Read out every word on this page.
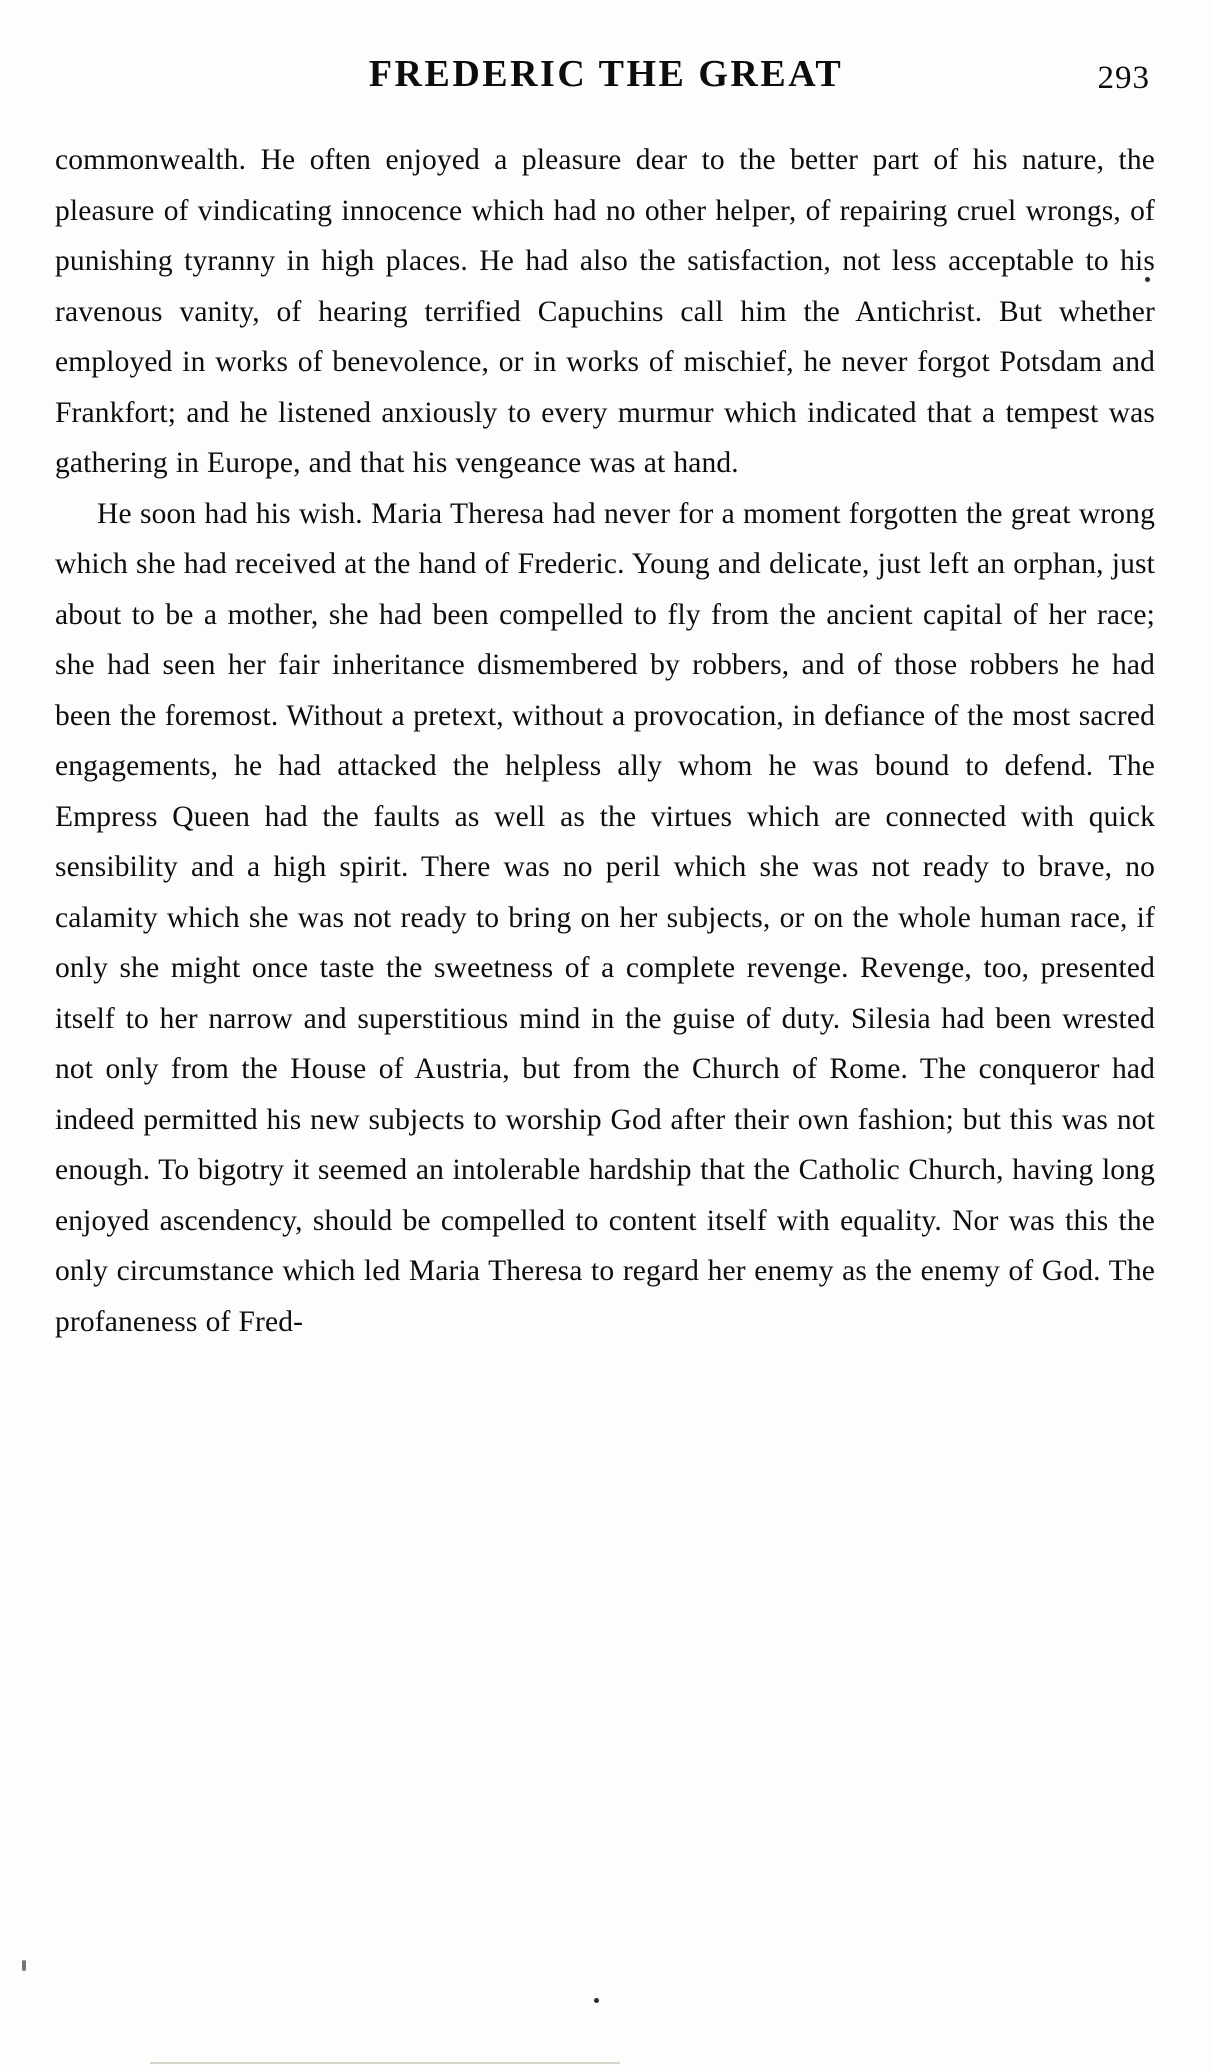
FREDERIC THE GREAT	293

commonwealth. He often enjoyed a pleasure dear to the better part of his nature, the pleasure of vindicating innocence which had no other helper, of repairing cruel wrongs, of punishing tyranny in high places. He had also the satisfaction, not less acceptable to his ravenous vanity, of hearing terrified Capuchins call him the Antichrist. But whether employed in works of benevolence, or in works of mischief, he never forgot Potsdam and Frankfort; and he listened anxiously to every murmur which indicated that a tempest was gathering in Europe, and that his vengeance was at hand.

He soon had his wish. Maria Theresa had never for a moment forgotten the great wrong which she had received at the hand of Frederic. Young and delicate, just left an orphan, just about to be a mother, she had been compelled to fly from the ancient capital of her race; she had seen her fair inheritance dismembered by robbers, and of those robbers he had been the foremost. Without a pretext, without a provocation, in defiance of the most sacred engagements, he had attacked the helpless ally whom he was bound to defend. The Empress Queen had the faults as well as the virtues which are connected with quick sensibility and a high spirit. There was no peril which she was not ready to brave, no calamity which she was not ready to bring on her subjects, or on the whole human race, if only she might once taste the sweetness of a complete revenge. Revenge, too, presented itself to her narrow and superstitious mind in the guise of duty. Silesia had been wrested not only from the House of Austria, but from the Church of Rome. The conqueror had indeed permitted his new subjects to worship God after their own fashion; but this was not enough. To bigotry it seemed an intolerable hardship that the Catholic Church, having long enjoyed ascendency, should be compelled to content itself with equality. Nor was this the only circumstance which led Maria Theresa to regard her enemy as the enemy of God. The profaneness of Fred-
